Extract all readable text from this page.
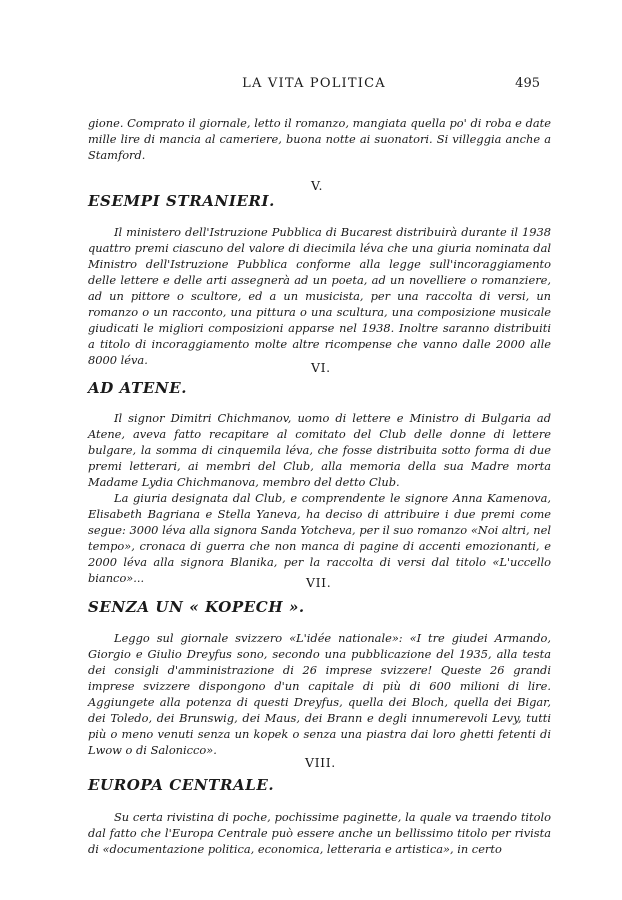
LA VITA POLITICA	495

gione. Comprato il giornale, letto il romanzo, mangiata quella po' di roba e date mille lire di mancia al cameriere, buona notte ai suonatori. Si villeggia anche a Stamford.

V.
ESEMPI STRANIERI.

Il ministero dell'Istruzione Pubblica di Bucarest distribuirà durante il 1938 quattro premi ciascuno del valore di diecimila léva che una giuria nominata dal Ministro dell'Istruzione Pubblica conforme alla legge sull'incoraggiamento delle lettere e delle arti assegnerà ad un poeta, ad un novelliere o romanziere, ad un pittore o scultore, ed a un musicista, per una raccolta di versi, un romanzo o un racconto, una pittura o una scultura, una composizione musicale giudicati le migliori composizioni apparse nel 1938. Inoltre saranno distribuiti a titolo di incoraggiamento molte altre ricompense che vanno dalle 2000 alle 8000 léva.	VI.
AD ATENE.

Il signor Dimitri Chichmanov, uomo di lettere e Ministro di Bulgaria ad Atene, aveva fatto recapitare al comitato del Club delle donne di lettere bulgare, la somma di cinquemila léva, che fosse distribuita sotto forma di due premi letterari, ai membri del Club, alla memoria della sua Madre morta Madame Lydia Chichmanova, membro del detto Club.

La giuria designata dal Club, e comprendente le signore Anna Kamenova, Elisabeth Bagriana e Stella Yaneva, ha deciso di attribuire i due premi come segue: 3000 léva alla signora Sanda Yotcheva, per il suo romanzo «Noi altri, nel tempo», cronaca di guerra che non manca di pagine di accenti emozionanti, e 2000 léva alla signora Blanika, per la raccolta di versi dal titolo «L'uccello bianco»...	VII.
SENZA UN « KOPECH ».

Leggo sul giornale svizzero «L'idée nationale»: «I tre giudei Armando, Giorgio e Giulio Dreyfus sono, secondo una pubblicazione del 1935, alla testa dei consigli d'amministrazione di 26 imprese svizzere! Queste 26 grandi imprese svizzere dispongono d'un capitale di più di 600 milioni di lire. Aggiungete alla potenza di questi Dreyfus, quella dei Bloch, quella dei Bigar, dei Toledo, dei Brunswig, dei Maus, dei Brann e degli innumerevoli Levy, tutti più o meno venuti senza un kopek o senza una piastra dai loro ghetti fetenti di Lwow o di Salonicco».

VIII.
EUROPA CENTRALE.

Su certa rivistina di poche, pochissime paginette, la quale va traendo titolo dal fatto che l'Europa Centrale può essere anche un bellissimo titolo per rivista di «documentazione politica, economica, letteraria e artistica», in certo
